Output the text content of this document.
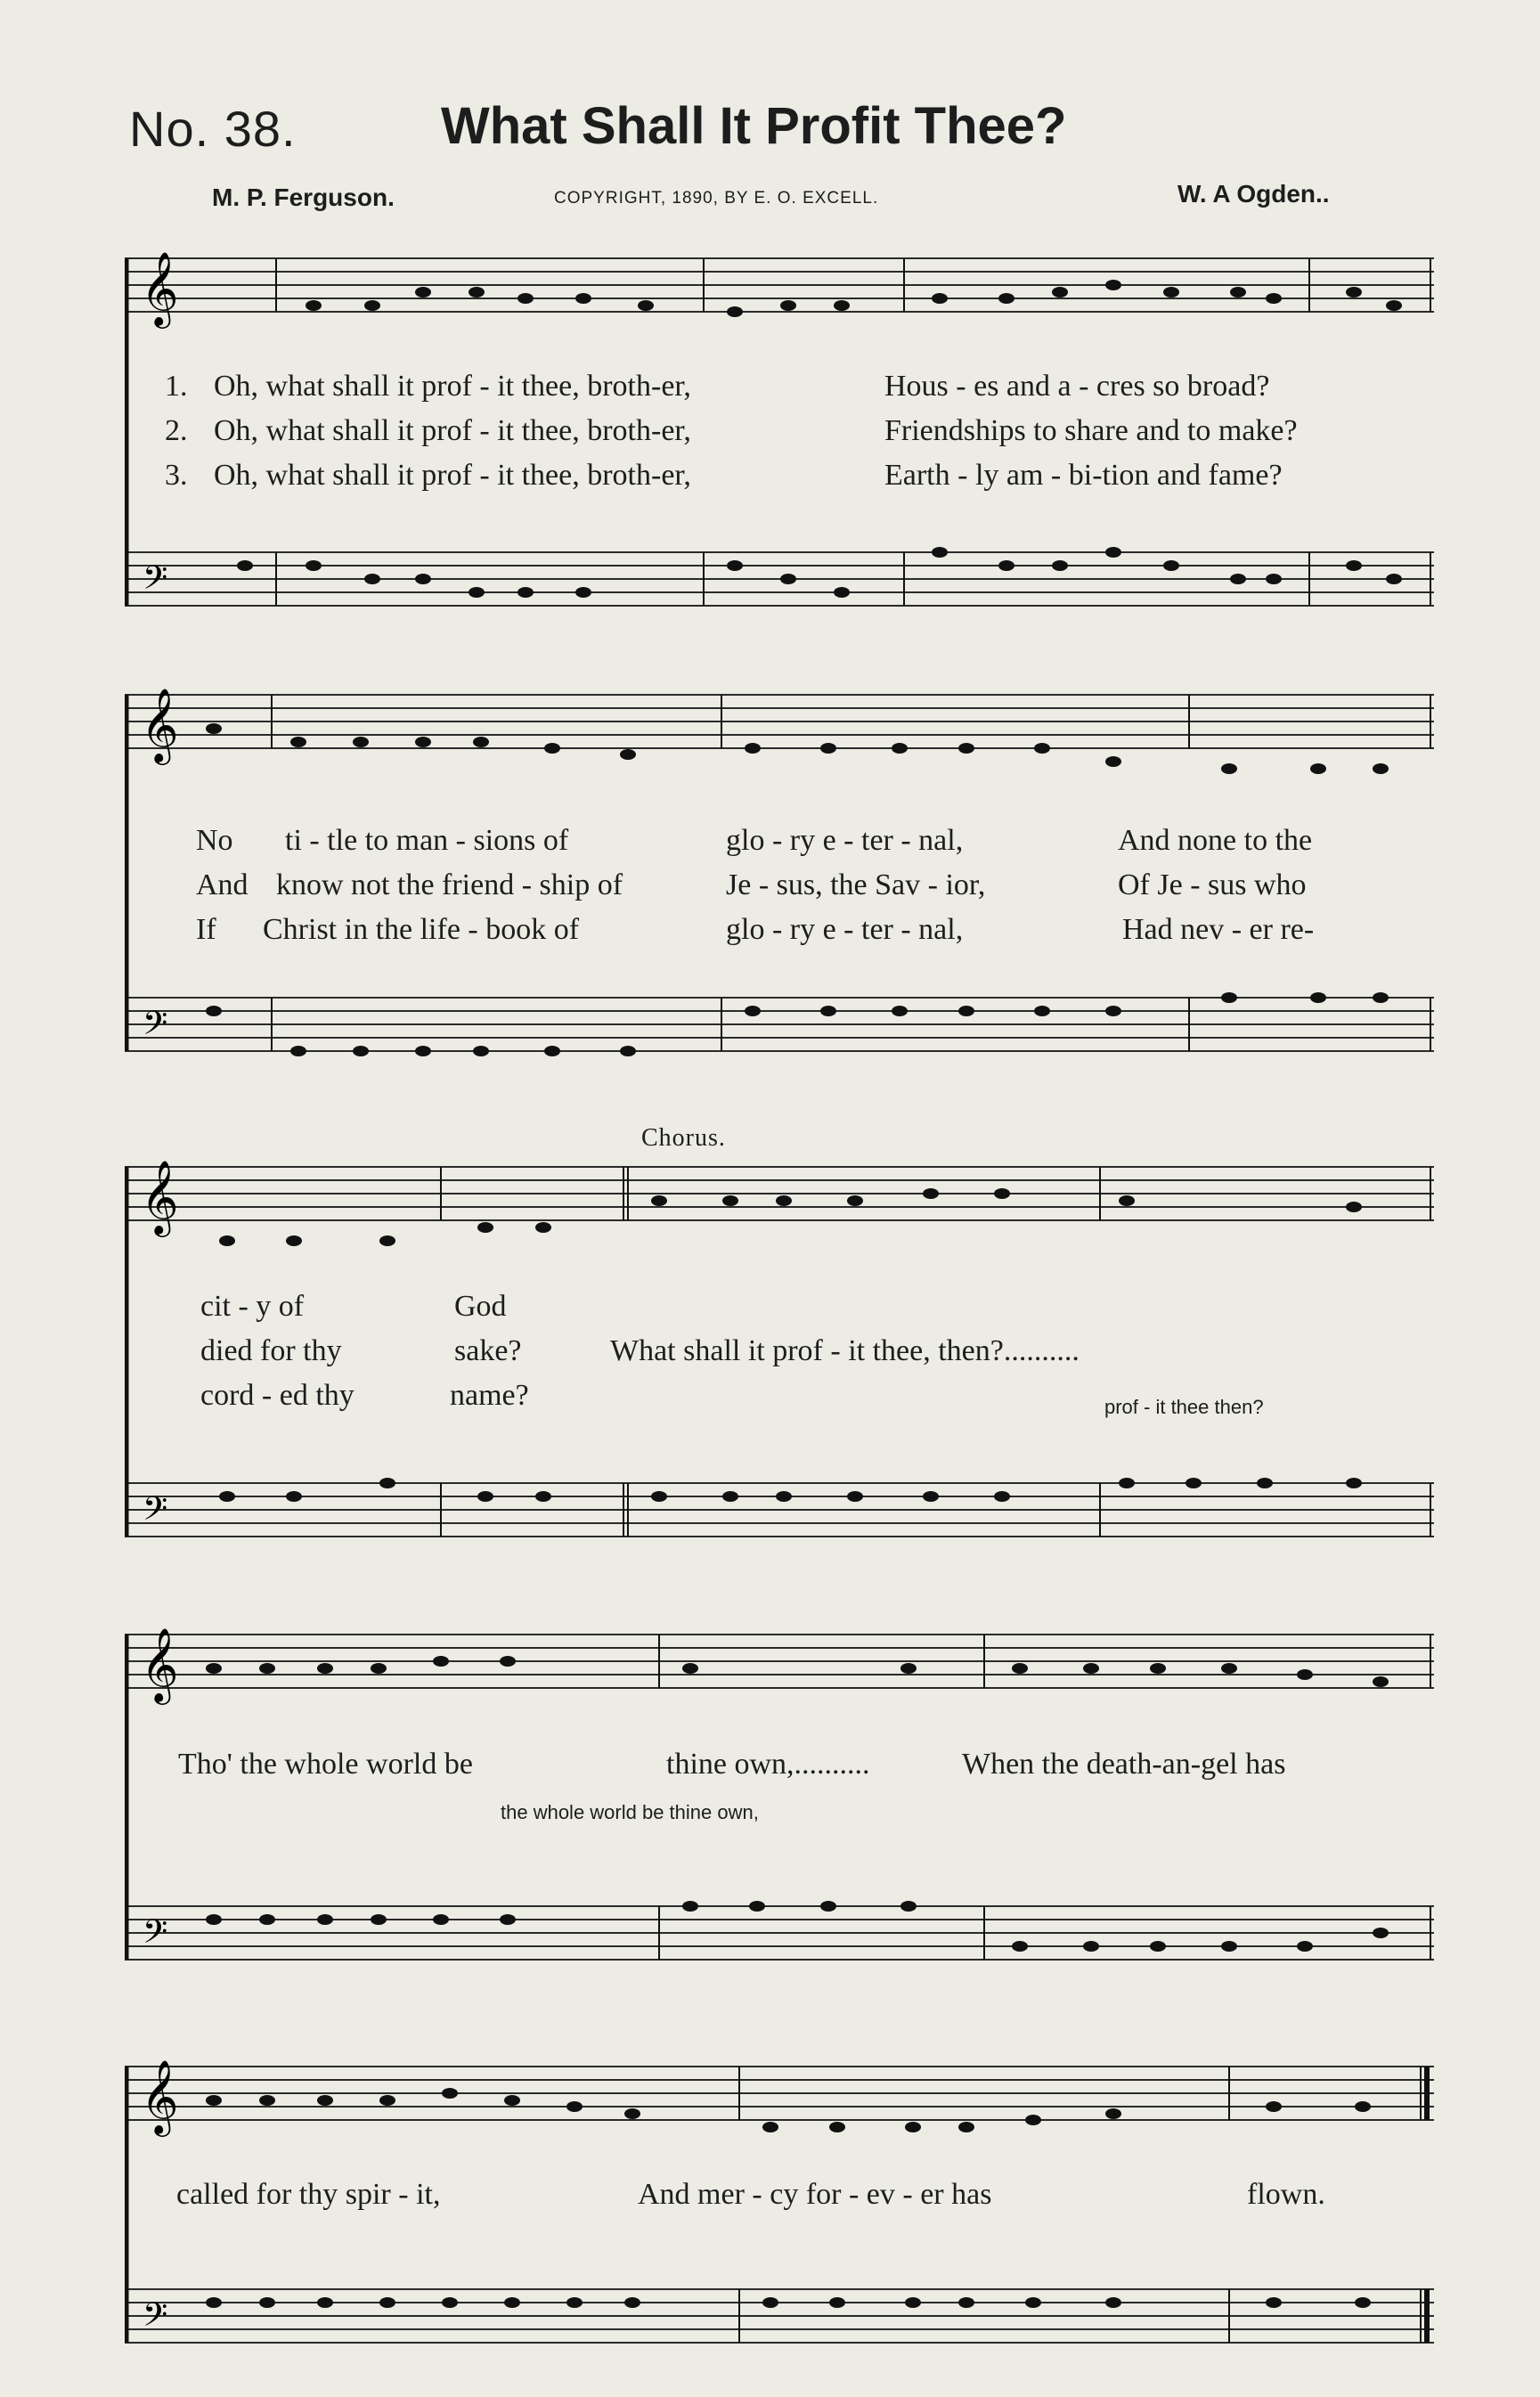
No. 38.	What Shall It Profit Thee?
M. P. Ferguson.	COPYRIGHT, 1890, BY E. O. EXCELL.	W. A Ogden..
𝄞
𝄢
1. Oh, what shall it prof - it thee, broth-er,	Hous - es and a - cres so broad?
2. Oh, what shall it prof - it thee, broth-er,	Friendships to share and to make?
3. Oh, what shall it prof - it thee, broth-er,	Earth - ly am - bi-tion and fame?
𝄞
𝄢
No ti - tle to man - sions of	glo - ry e - ter - nal,	And none to the
And know not the friend - ship of	Je - sus, the Sav - ior,	Of Je - sus who
If Christ in the life - book of	glo - ry e - ter - nal,	Had nev - er re-
Chorus.
𝄞
𝄢
cit - y of	God
died for thy	sake?	What shall it prof - it thee, then?..........
cord - ed thy	name?	prof - it thee then?
𝄞
𝄢
Tho' the whole world be	thine own,..........	When the death-an-gel has
the whole world be thine own,
𝄞
𝄢
called for thy spir - it,	And mer - cy for - ev - er has	flown.
